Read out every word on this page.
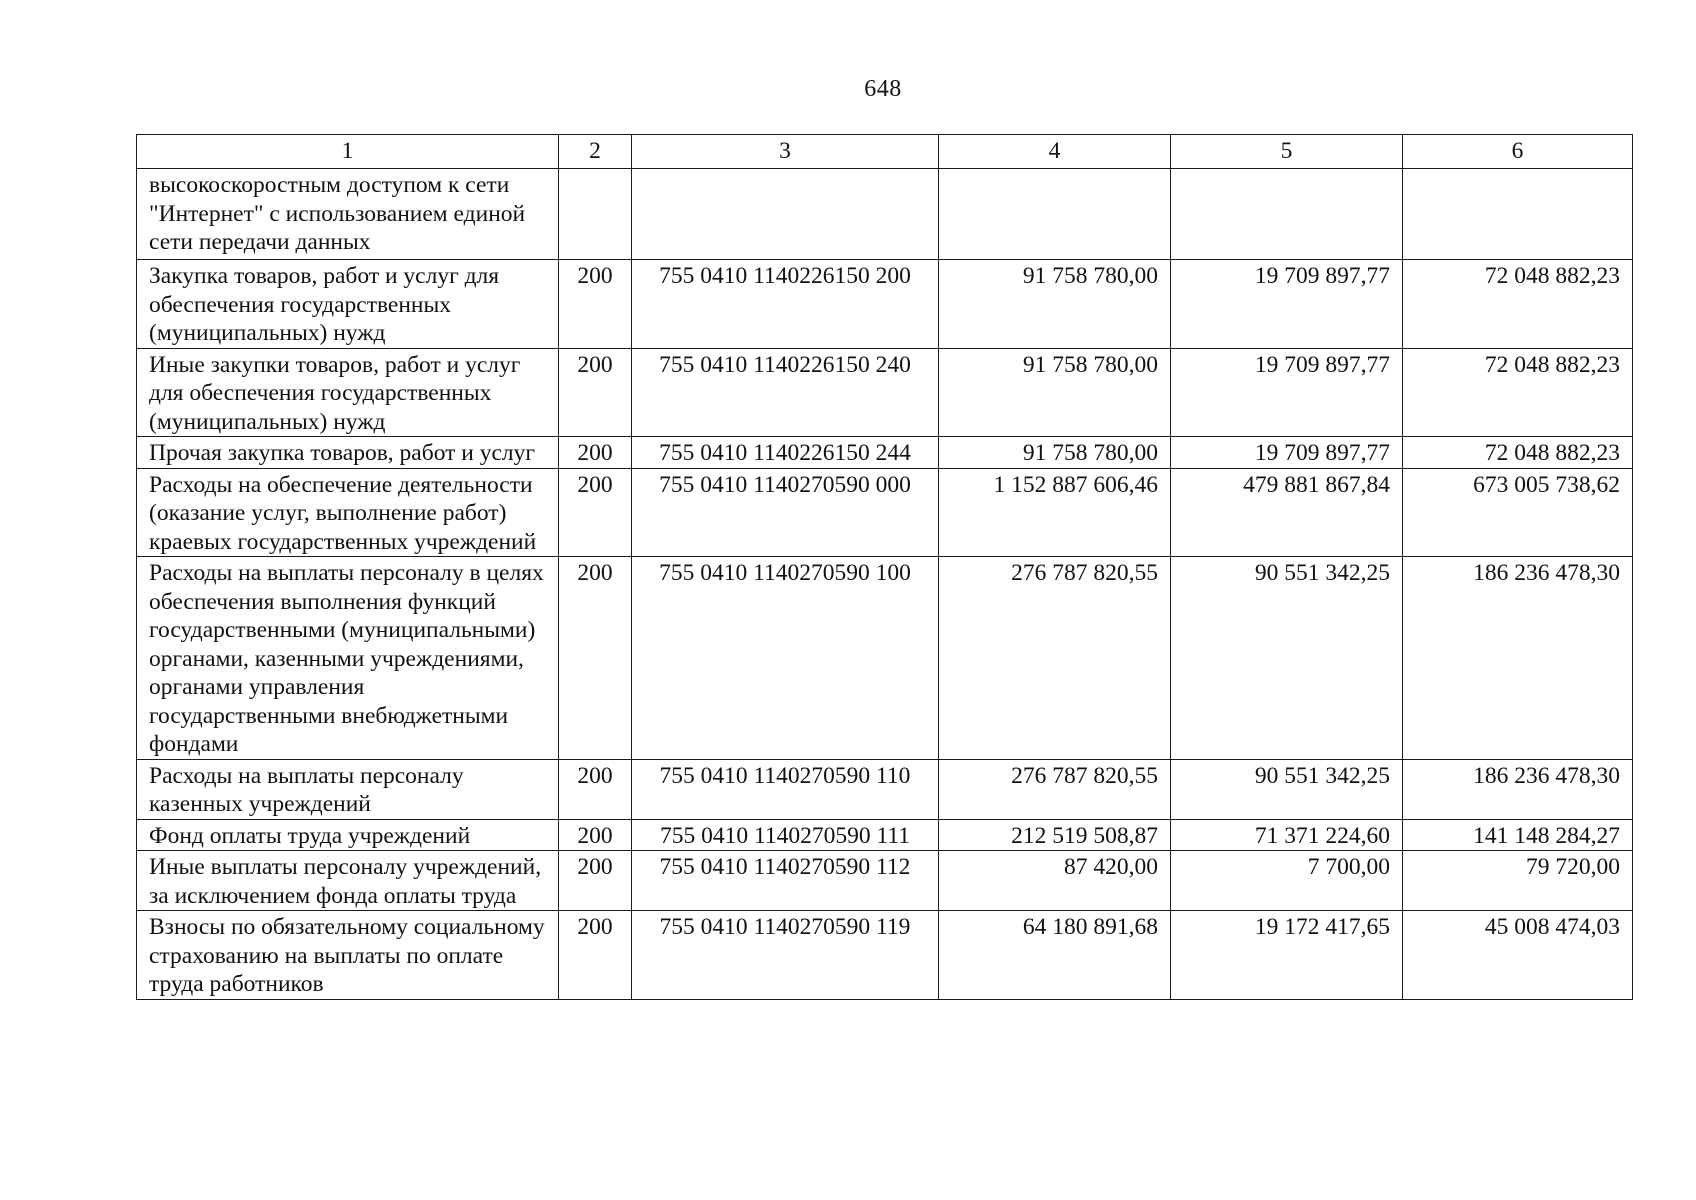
648
1	2	3	4	5	6
высокоскоростным доступом к сети "Интернет" с использованием единой сети передачи данных					
Закупка товаров, работ и услуг для обеспечения государственных (муниципальных) нужд	200	755 0410 1140226150 200	91 758 780,00	19 709 897,77	72 048 882,23
Иные закупки товаров, работ и услуг для обеспечения государственных (муниципальных) нужд	200	755 0410 1140226150 240	91 758 780,00	19 709 897,77	72 048 882,23
Прочая закупка товаров, работ и услуг	200	755 0410 1140226150 244	91 758 780,00	19 709 897,77	72 048 882,23
Расходы на обеспечение деятельности (оказание услуг, выполнение работ) краевых государственных учреждений	200	755 0410 1140270590 000	1 152 887 606,46	479 881 867,84	673 005 738,62
Расходы на выплаты персоналу в целях обеспечения выполнения функций государственными (муниципальными) органами, казенными учреждениями, органами управления государственными внебюджетными фондами	200	755 0410 1140270590 100	276 787 820,55	90 551 342,25	186 236 478,30
Расходы на выплаты персоналу казенных учреждений	200	755 0410 1140270590 110	276 787 820,55	90 551 342,25	186 236 478,30
Фонд оплаты труда учреждений	200	755 0410 1140270590 111	212 519 508,87	71 371 224,60	141 148 284,27
Иные выплаты персоналу учреждений, за исключением фонда оплаты труда	200	755 0410 1140270590 112	87 420,00	7 700,00	79 720,00
Взносы по обязательному социальному страхованию на выплаты по оплате труда работников	200	755 0410 1140270590 119	64 180 891,68	19 172 417,65	45 008 474,03
